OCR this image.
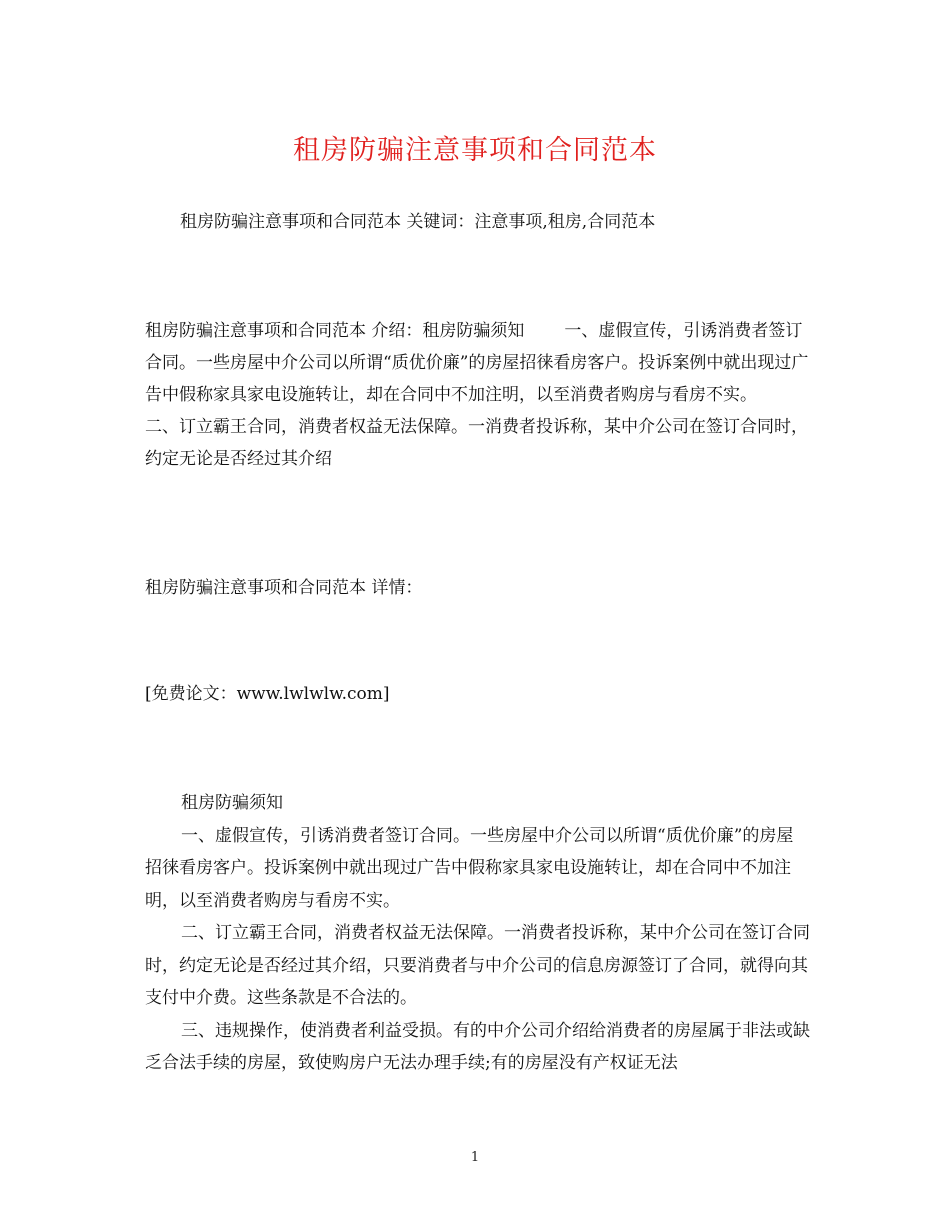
租房防骗注意事项和合同范本

租房防骗注意事项和合同范本 关键词：注意事项,租房,合同范本

租房防骗注意事项和合同范本 介绍：租房防骗须知 一、虚假宣传，引诱消费者签订合同。一些房屋中介公司以所谓“质优价廉”的房屋招徕看房客户。投诉案例中就出现过广告中假称家具家电设施转让，却在合同中不加注明，以至消费者购房与看房不实。二、订立霸王合同，消费者权益无法保障。一消费者投诉称，某中介公司在签订合同时，约定无论是否经过其介绍

租房防骗注意事项和合同范本 详情：

[免费论文：www.lwlwlw.com]

租房防骗须知

一、虚假宣传，引诱消费者签订合同。一些房屋中介公司以所谓“质优价廉”的房屋招徕看房客户。投诉案例中就出现过广告中假称家具家电设施转让，却在合同中不加注明，以至消费者购房与看房不实。

二、订立霸王合同，消费者权益无法保障。一消费者投诉称，某中介公司在签订合同时，约定无论是否经过其介绍，只要消费者与中介公司的信息房源签订了合同，就得向其支付中介费。这些条款是不合法的。

三、违规操作，使消费者利益受损。有的中介公司介绍给消费者的房屋属于非法或缺乏合法手续的房屋，致使购房户无法办理手续;有的房屋没有产权证无法

1
